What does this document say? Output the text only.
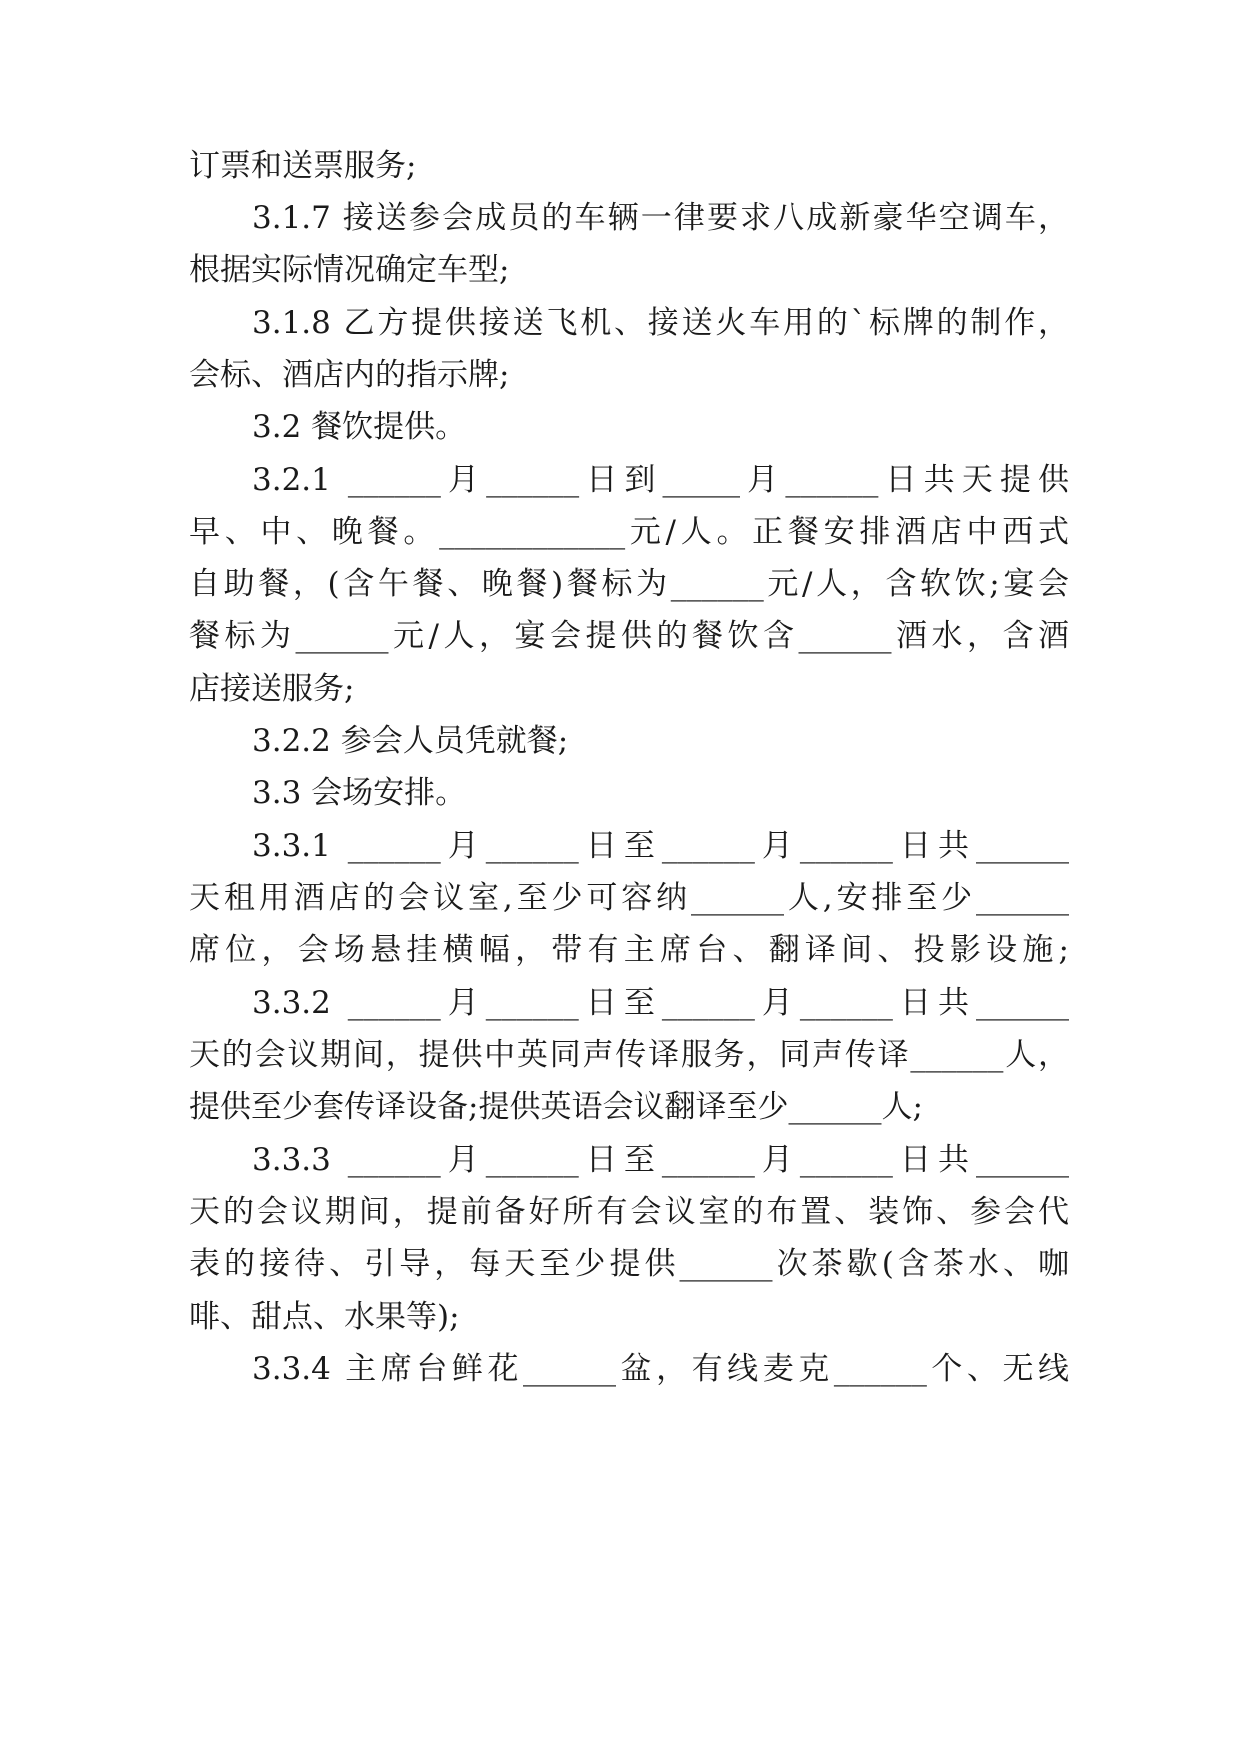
订票和送票服务;
3.1.7 接送参会成员的车辆一律要求八成新豪华空调车，
根据实际情况确定车型;
3.1.8 乙方提供接送飞机、接送火车用的`标牌的制作，
会标、酒店内的指示牌;
3.2 餐饮提供。
3.2.1 ______月______日到_____月______日共天提供
早、中、晚餐。____________元/人。正餐安排酒店中西式
自助餐，(含午餐、晚餐)餐标为______元/人，含软饮;宴会
餐标为______元/人，宴会提供的餐饮含______酒水，含酒
店接送服务;
3.2.2 参会人员凭就餐;
3.3 会场安排。
3.3.1 ______月______日至______月______日共______
天租用酒店的会议室,至少可容纳______人,安排至少______
席位，会场悬挂横幅，带有主席台、翻译间、投影设施;
3.3.2 ______月______日至______月______日共______
天的会议期间，提供中英同声传译服务，同声传译______人，
提供至少套传译设备;提供英语会议翻译至少______人;
3.3.3 ______月______日至______月______日共______
天的会议期间，提前备好所有会议室的布置、装饰、参会代
表的接待、引导，每天至少提供______次茶歇(含茶水、咖
啡、甜点、水果等);
3.3.4 主席台鲜花______盆，有线麦克______个、无线
